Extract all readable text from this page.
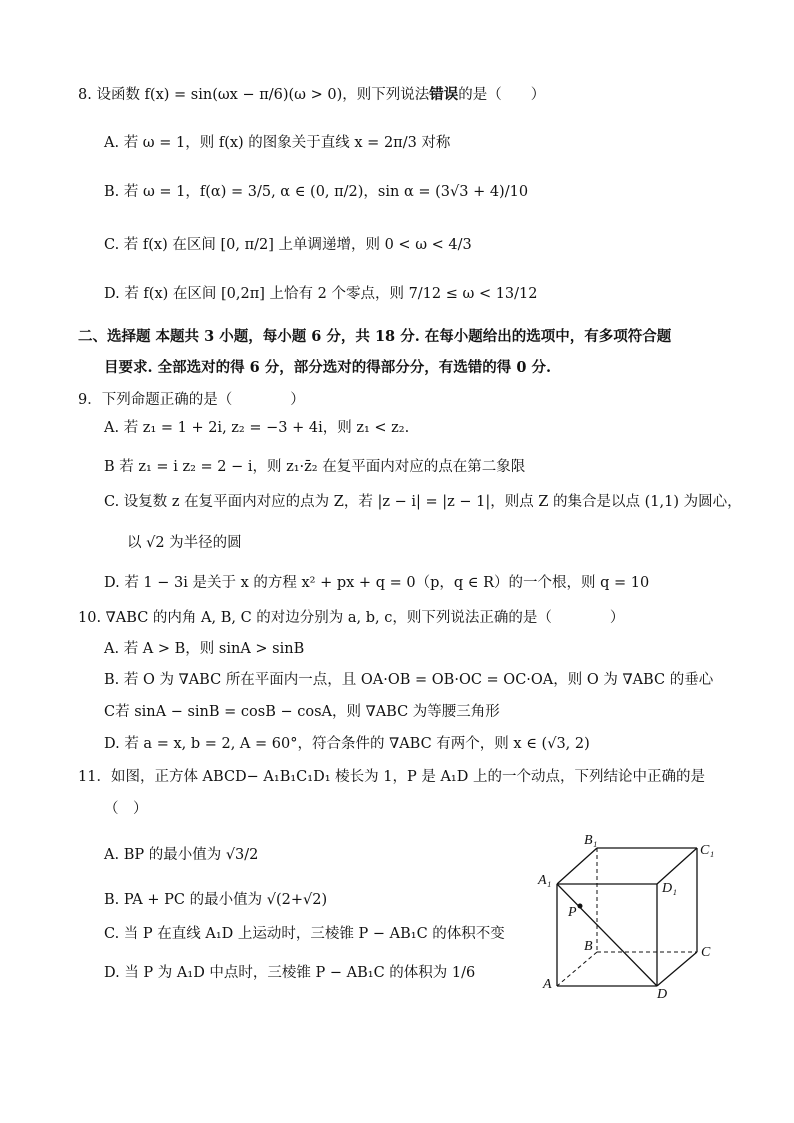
8. 设函数 f(x) = sin(ωx − π/6)(ω > 0)，则下列说法错误的是（　　）
A. 若 ω = 1，则 f(x) 的图象关于直线 x = 2π/3 对称
B. 若 ω = 1，f(α) = 3/5, α ∈ (0, π/2)，sin α = (3√3 + 4)/10
C. 若 f(x) 在区间 [0, π/2] 上单调递增，则 0 < ω < 4/3
D. 若 f(x) 在区间 [0,2π] 上恰有 2 个零点，则 7/12 ≤ ω < 13/12
二、选择题 本题共 3 小题，每小题 6 分，共 18 分. 在每小题给出的选项中，有多项符合题
目要求. 全部选对的得 6 分，部分选对的得部分分，有选错的得 0 分.
9．下列命题正确的是（　　　　）
A. 若 z₁ = 1 + 2i, z₂ = −3 + 4i，则 z₁ < z₂.
B 若 z₁ = i z₂ = 2 − i，则 z₁·z̄₂ 在复平面内对应的点在第二象限
C. 设复数 z 在复平面内对应的点为 Z，若 |z − i| = |z − 1|，则点 Z 的集合是以点 (1,1) 为圆心，
以 √2 为半径的圆
D. 若 1 − 3i 是关于 x 的方程 x² + px + q = 0（p，q ∈ R）的一个根，则 q = 10
10. ∇ABC 的内角 A, B, C 的对边分别为 a, b, c，则下列说法正确的是（　　　　）
A. 若 A > B，则 sinA > sinB
B. 若 O 为 ∇ABC 所在平面内一点，且 OA·OB = OB·OC = OC·OA，则 O 为 ∇ABC 的垂心
C若 sinA − sinB = cosB − cosA，则 ∇ABC 为等腰三角形
D. 若 a = x, b = 2, A = 60°，符合条件的 ∇ABC 有两个，则 x ∈ (√3, 2)
11．如图，正方体 ABCD− A₁B₁C₁D₁ 棱长为 1，P 是 A₁D 上的一个动点，下列结论中正确的是
（　）
A. BP 的最小值为 √3/2
B. PA + PC 的最小值为 √(2+√2)
C. 当 P 在直线 A₁D 上运动时，三棱锥 P − AB₁C 的体积不变
D. 当 P 为 A₁D 中点时，三棱锥 P − AB₁C 的体积为 1/6
B₁
C₁
A₁
D₁
P
B	C
A
D
